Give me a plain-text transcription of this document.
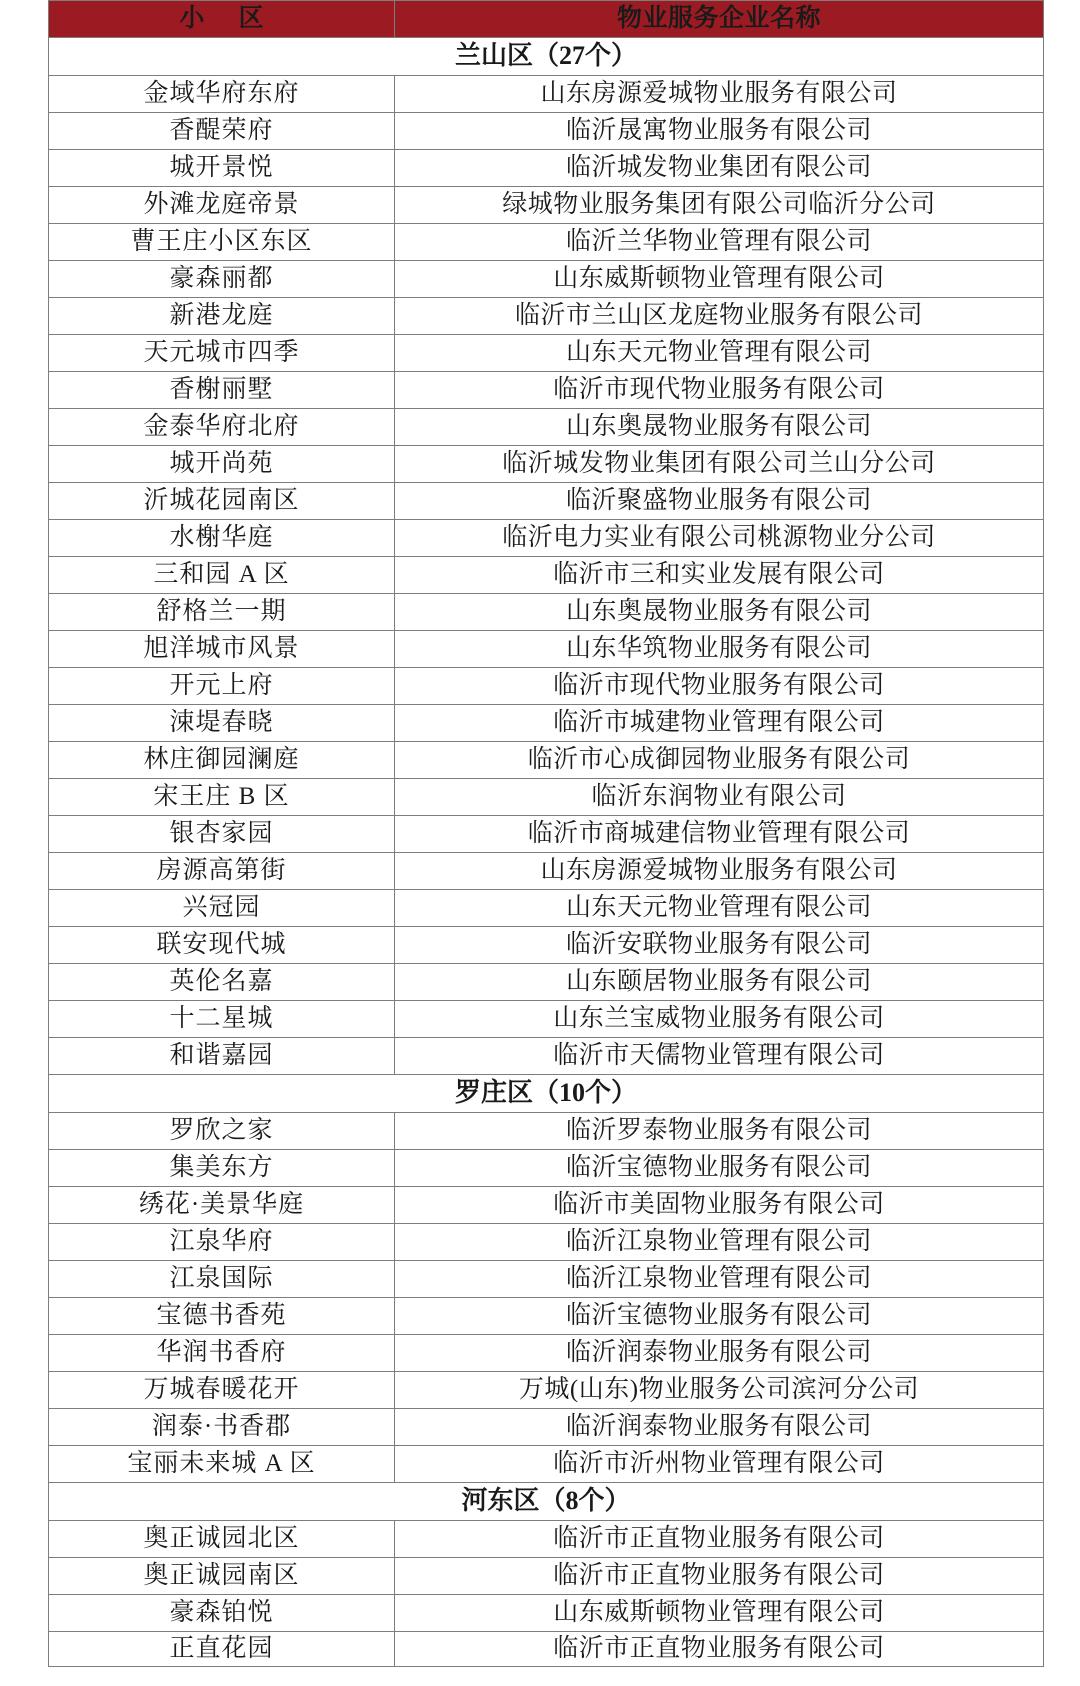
小 区	物业服务企业名称
兰山区（27个）	
金域华府东府	山东房源爱城物业服务有限公司
香醍荣府	临沂晟寓物业服务有限公司
城开景悦	临沂城发物业集团有限公司
外滩龙庭帝景	绿城物业服务集团有限公司临沂分公司
曹王庄小区东区	临沂兰华物业管理有限公司
豪森丽都	山东威斯顿物业管理有限公司
新港龙庭	临沂市兰山区龙庭物业服务有限公司
天元城市四季	山东天元物业管理有限公司
香榭丽墅	临沂市现代物业服务有限公司
金泰华府北府	山东奥晟物业服务有限公司
城开尚苑	临沂城发物业集团有限公司兰山分公司
沂城花园南区	临沂聚盛物业服务有限公司
水榭华庭	临沂电力实业有限公司桃源物业分公司
三和园 A 区	临沂市三和实业发展有限公司
舒格兰一期	山东奥晟物业服务有限公司
旭洋城市风景	山东华筑物业服务有限公司
开元上府	临沂市现代物业服务有限公司
涑堤春晓	临沂市城建物业管理有限公司
林庄御园澜庭	临沂市心成御园物业服务有限公司
宋王庄 B 区	临沂东润物业有限公司
银杏家园	临沂市商城建信物业管理有限公司
房源高第街	山东房源爱城物业服务有限公司
兴冠园	山东天元物业管理有限公司
联安现代城	临沂安联物业服务有限公司
英伦名嘉	山东颐居物业服务有限公司
十二星城	山东兰宝威物业服务有限公司
和谐嘉园	临沂市天儒物业管理有限公司
罗庄区（10个）	
罗欣之家	临沂罗泰物业服务有限公司
集美东方	临沂宝德物业服务有限公司
绣花·美景华庭	临沂市美固物业服务有限公司
江泉华府	临沂江泉物业管理有限公司
江泉国际	临沂江泉物业管理有限公司
宝德书香苑	临沂宝德物业服务有限公司
华润书香府	临沂润泰物业服务有限公司
万城春暖花开	万城(山东)物业服务公司滨河分公司
润泰·书香郡	临沂润泰物业服务有限公司
宝丽未来城 A 区	临沂市沂州物业管理有限公司
河东区（8个）	
奥正诚园北区	临沂市正直物业服务有限公司
奥正诚园南区	临沂市正直物业服务有限公司
豪森铂悦	山东威斯顿物业管理有限公司
正直花园	临沂市正直物业服务有限公司
